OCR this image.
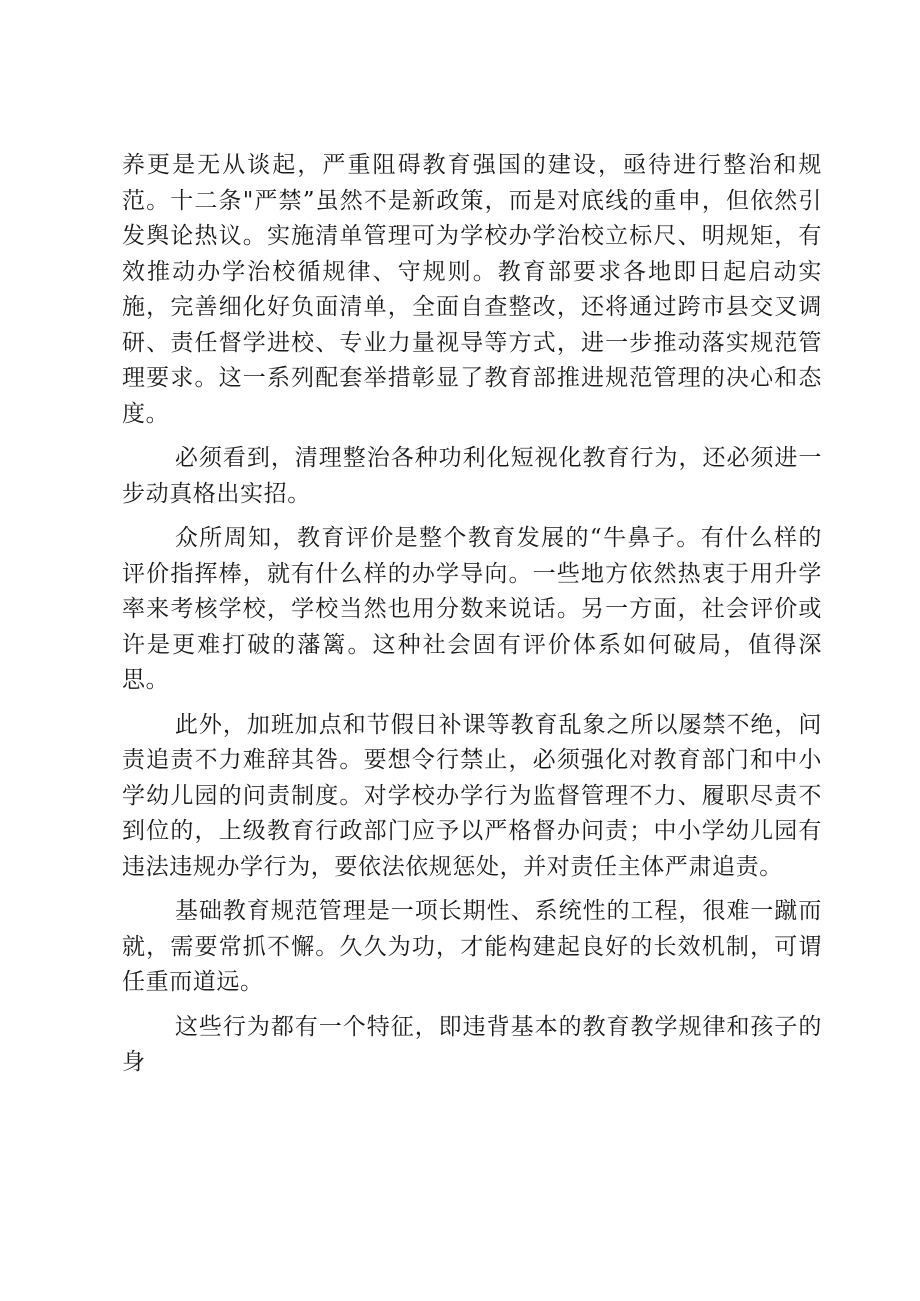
养更是无从谈起，严重阻碍教育强国的建设，亟待进行整治和规范。十二条"严禁”虽然不是新政策，而是对底线的重申，但依然引发舆论热议。实施清单管理可为学校办学治校立标尺、明规矩，有效推动办学治校循规律、守规则。教育部要求各地即日起启动实施，完善细化好负面清单，全面自查整改，还将通过跨市县交叉调研、责任督学进校、专业力量视导等方式，进一步推动落实规范管理要求。这一系列配套举措彰显了教育部推进规范管理的决心和态度。

必须看到，清理整治各种功利化短视化教育行为，还必须进一步动真格出实招。

众所周知，教育评价是整个教育发展的“牛鼻子。有什么样的评价指挥棒，就有什么样的办学导向。一些地方依然热衷于用升学率来考核学校，学校当然也用分数来说话。另一方面，社会评价或许是更难打破的藩篱。这种社会固有评价体系如何破局，值得深思。

此外，加班加点和节假日补课等教育乱象之所以屡禁不绝，问责追责不力难辞其咎。要想令行禁止，必须强化对教育部门和中小学幼儿园的问责制度。对学校办学行为监督管理不力、履职尽责不到位的，上级教育行政部门应予以严格督办问责；中小学幼儿园有违法违规办学行为，要依法依规惩处，并对责任主体严肃追责。

基础教育规范管理是一项长期性、系统性的工程，很难一蹴而就，需要常抓不懈。久久为功，才能构建起良好的长效机制，可谓任重而道远。

这些行为都有一个特征，即违背基本的教育教学规律和孩子的身
